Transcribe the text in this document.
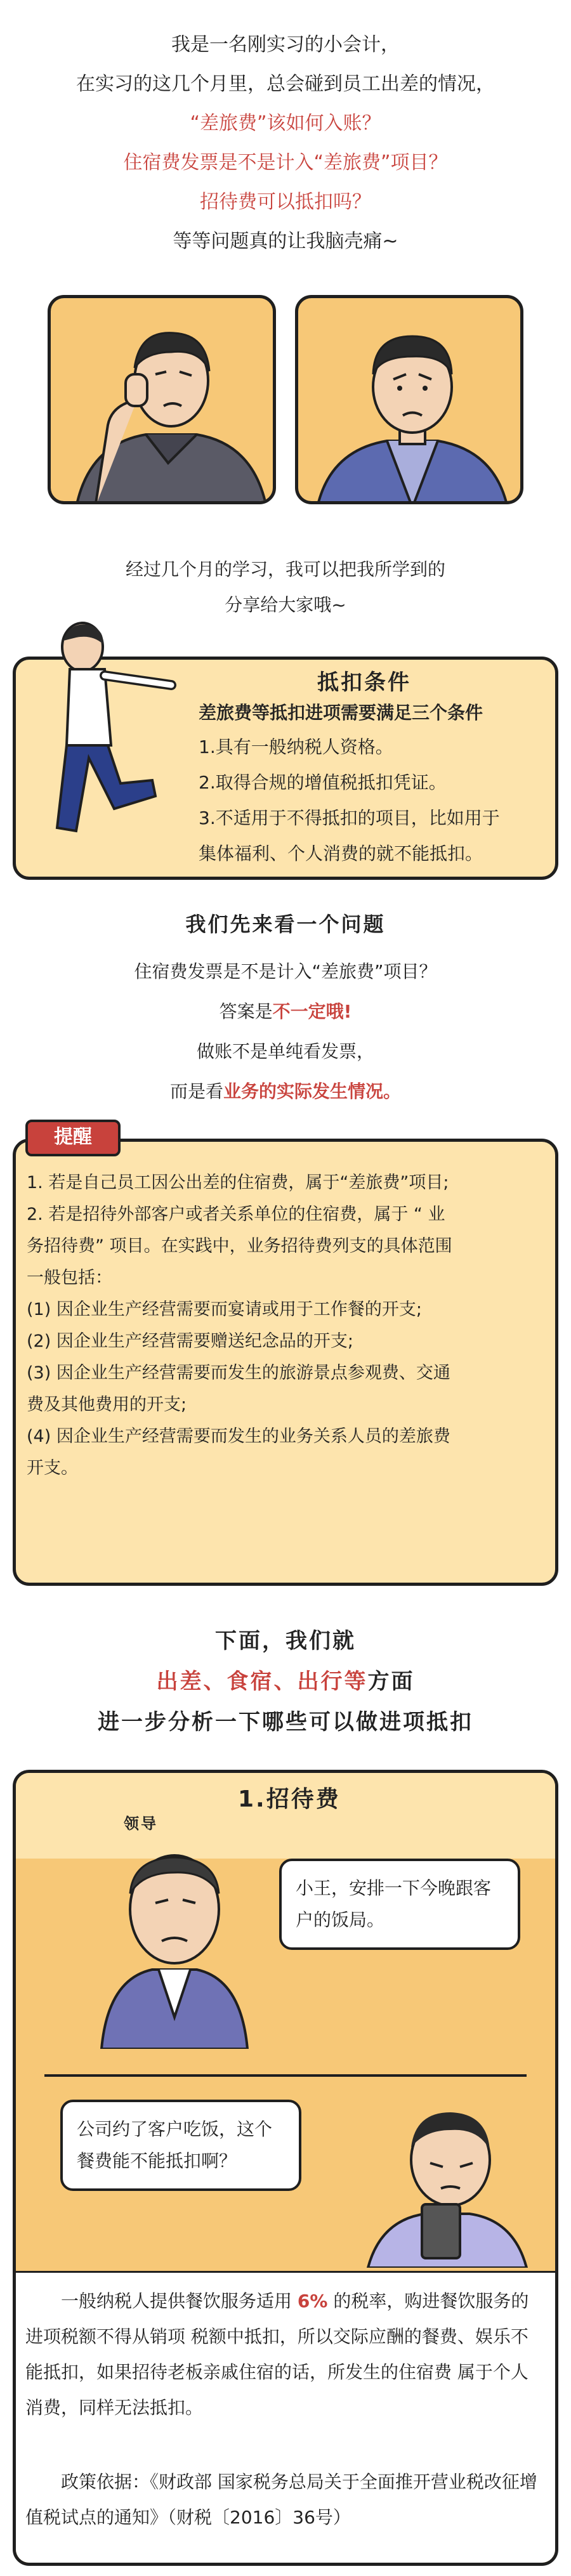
我是一名刚实习的小会计，
在实习的这几个月里，总会碰到员工出差的情况，
“差旅费”该如何入账？
住宿费发票是不是计入“差旅费”项目？
招待费可以抵扣吗？
等等问题真的让我脑壳痛~
经过几个月的学习，我可以把我所学到的
分享给大家哦~
抵扣条件
差旅费等抵扣进项需要满足三个条件
1.具有一般纳税人资格。
2.取得合规的增值税抵扣凭证。
3.不适用于不得抵扣的项目，比如用于
集体福利、个人消费的就不能抵扣。
我们先来看一个问题
住宿费发票是不是计入“差旅费”项目？
答案是不一定哦!
做账不是单纯看发票，
而是看业务的实际发生情况。
提醒

1. 若是自己员工因公出差的住宿费，属于“差旅费”项目;

2. 若是招待外部客户或者关系单位的住宿费，属于 “ 业

务招待费” 项目。在实践中，业务招待费列支的具体范围

一般包括：

(1) 因企业生产经营需要而宴请或用于工作餐的开支;

(2) 因企业生产经营需要赠送纪念品的开支;

(3) 因企业生产经营需要而发生的旅游景点参观费、交通

费及其他费用的开支;

(4) 因企业生产经营需要而发生的业务关系人员的差旅费

开支。

下面，我们就
出差、食宿、出行等方面
进一步分析一下哪些可以做进项抵扣
1.招待费
领导
小王，安排一下今晚跟客户的饭局。
公司约了客户吃饭，这个餐费能不能抵扣啊？
一般纳税人提供餐饮服务适用 6% 的税率，购进餐饮服务的进项税额不得从销项 税额中抵扣，所以交际应酬的餐费、娱乐不能抵扣，如果招待老板亲戚住宿的话，所发生的住宿费 属于个人消费，同样无法抵扣。
政策依据：《财政部 国家税务总局关于全面推开营业税改征增值税试点的通知》（财税〔2016〕36号）
